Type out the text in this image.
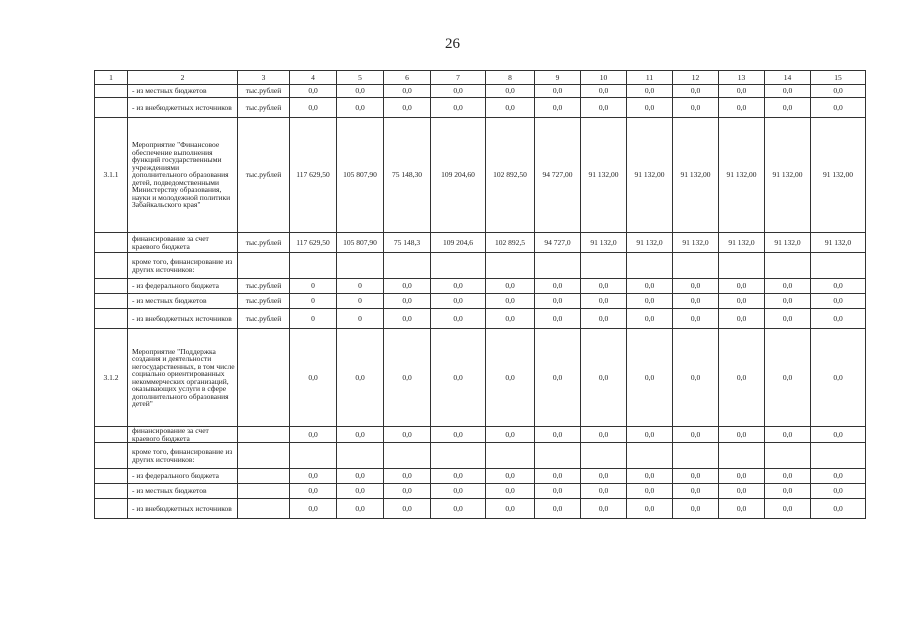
26
1	2	3	4	5	6	7	8	9	10	11	12	13	14	15
	- из местных бюджетов	тыс.рублей	0,0	0,0	0,0	0,0	0,0	0,0	0,0	0,0	0,0	0,0	0,0	0,0
	- из внебюджетных источников	тыс.рублей	0,0	0,0	0,0	0,0	0,0	0,0	0,0	0,0	0,0	0,0	0,0	0,0
3.1.1	Мероприятие "Финансовое обеспечение выполнения функций государственными учреждениями дополнительного образования детей, подведомственными Министерству образования, науки и молодежной политики Забайкальского края"	тыс.рублей	117 629,50	105 807,90	75 148,30	109 204,60	102 892,50	94 727,00	91 132,00	91 132,00	91 132,00	91 132,00	91 132,00	91 132,00
	финансирование за счет краевого бюджета	тыс.рублей	117 629,50	105 807,90	75 148,3	109 204,6	102 892,5	94 727,0	91 132,0	91 132,0	91 132,0	91 132,0	91 132,0	91 132,0
	кроме того, финансирование из других источников:													
	- из федерального бюджета	тыс.рублей	0	0	0,0	0,0	0,0	0,0	0,0	0,0	0,0	0,0	0,0	0,0
	- из местных бюджетов	тыс.рублей	0	0	0,0	0,0	0,0	0,0	0,0	0,0	0,0	0,0	0,0	0,0
	- из внебюджетных источников	тыс.рублей	0	0	0,0	0,0	0,0	0,0	0,0	0,0	0,0	0,0	0,0	0,0
3.1.2	Мероприятие "Поддержка создания и деятельности негосударственных, в том числе социально ориентированных некоммерческих организаций, оказывающих услуги в сфере дополнительного образования детей"		0,0	0,0	0,0	0,0	0,0	0,0	0,0	0,0	0,0	0,0	0,0	0,0
	финансирование за счет краевого бюджета		0,0	0,0	0,0	0,0	0,0	0,0	0,0	0,0	0,0	0,0	0,0	0,0
	кроме того, финансирование из других источников:													
	- из федерального бюджета		0,0	0,0	0,0	0,0	0,0	0,0	0,0	0,0	0,0	0,0	0,0	0,0
	- из местных бюджетов		0,0	0,0	0,0	0,0	0,0	0,0	0,0	0,0	0,0	0,0	0,0	0,0
	- из внебюджетных источников		0,0	0,0	0,0	0,0	0,0	0,0	0,0	0,0	0,0	0,0	0,0	0,0
